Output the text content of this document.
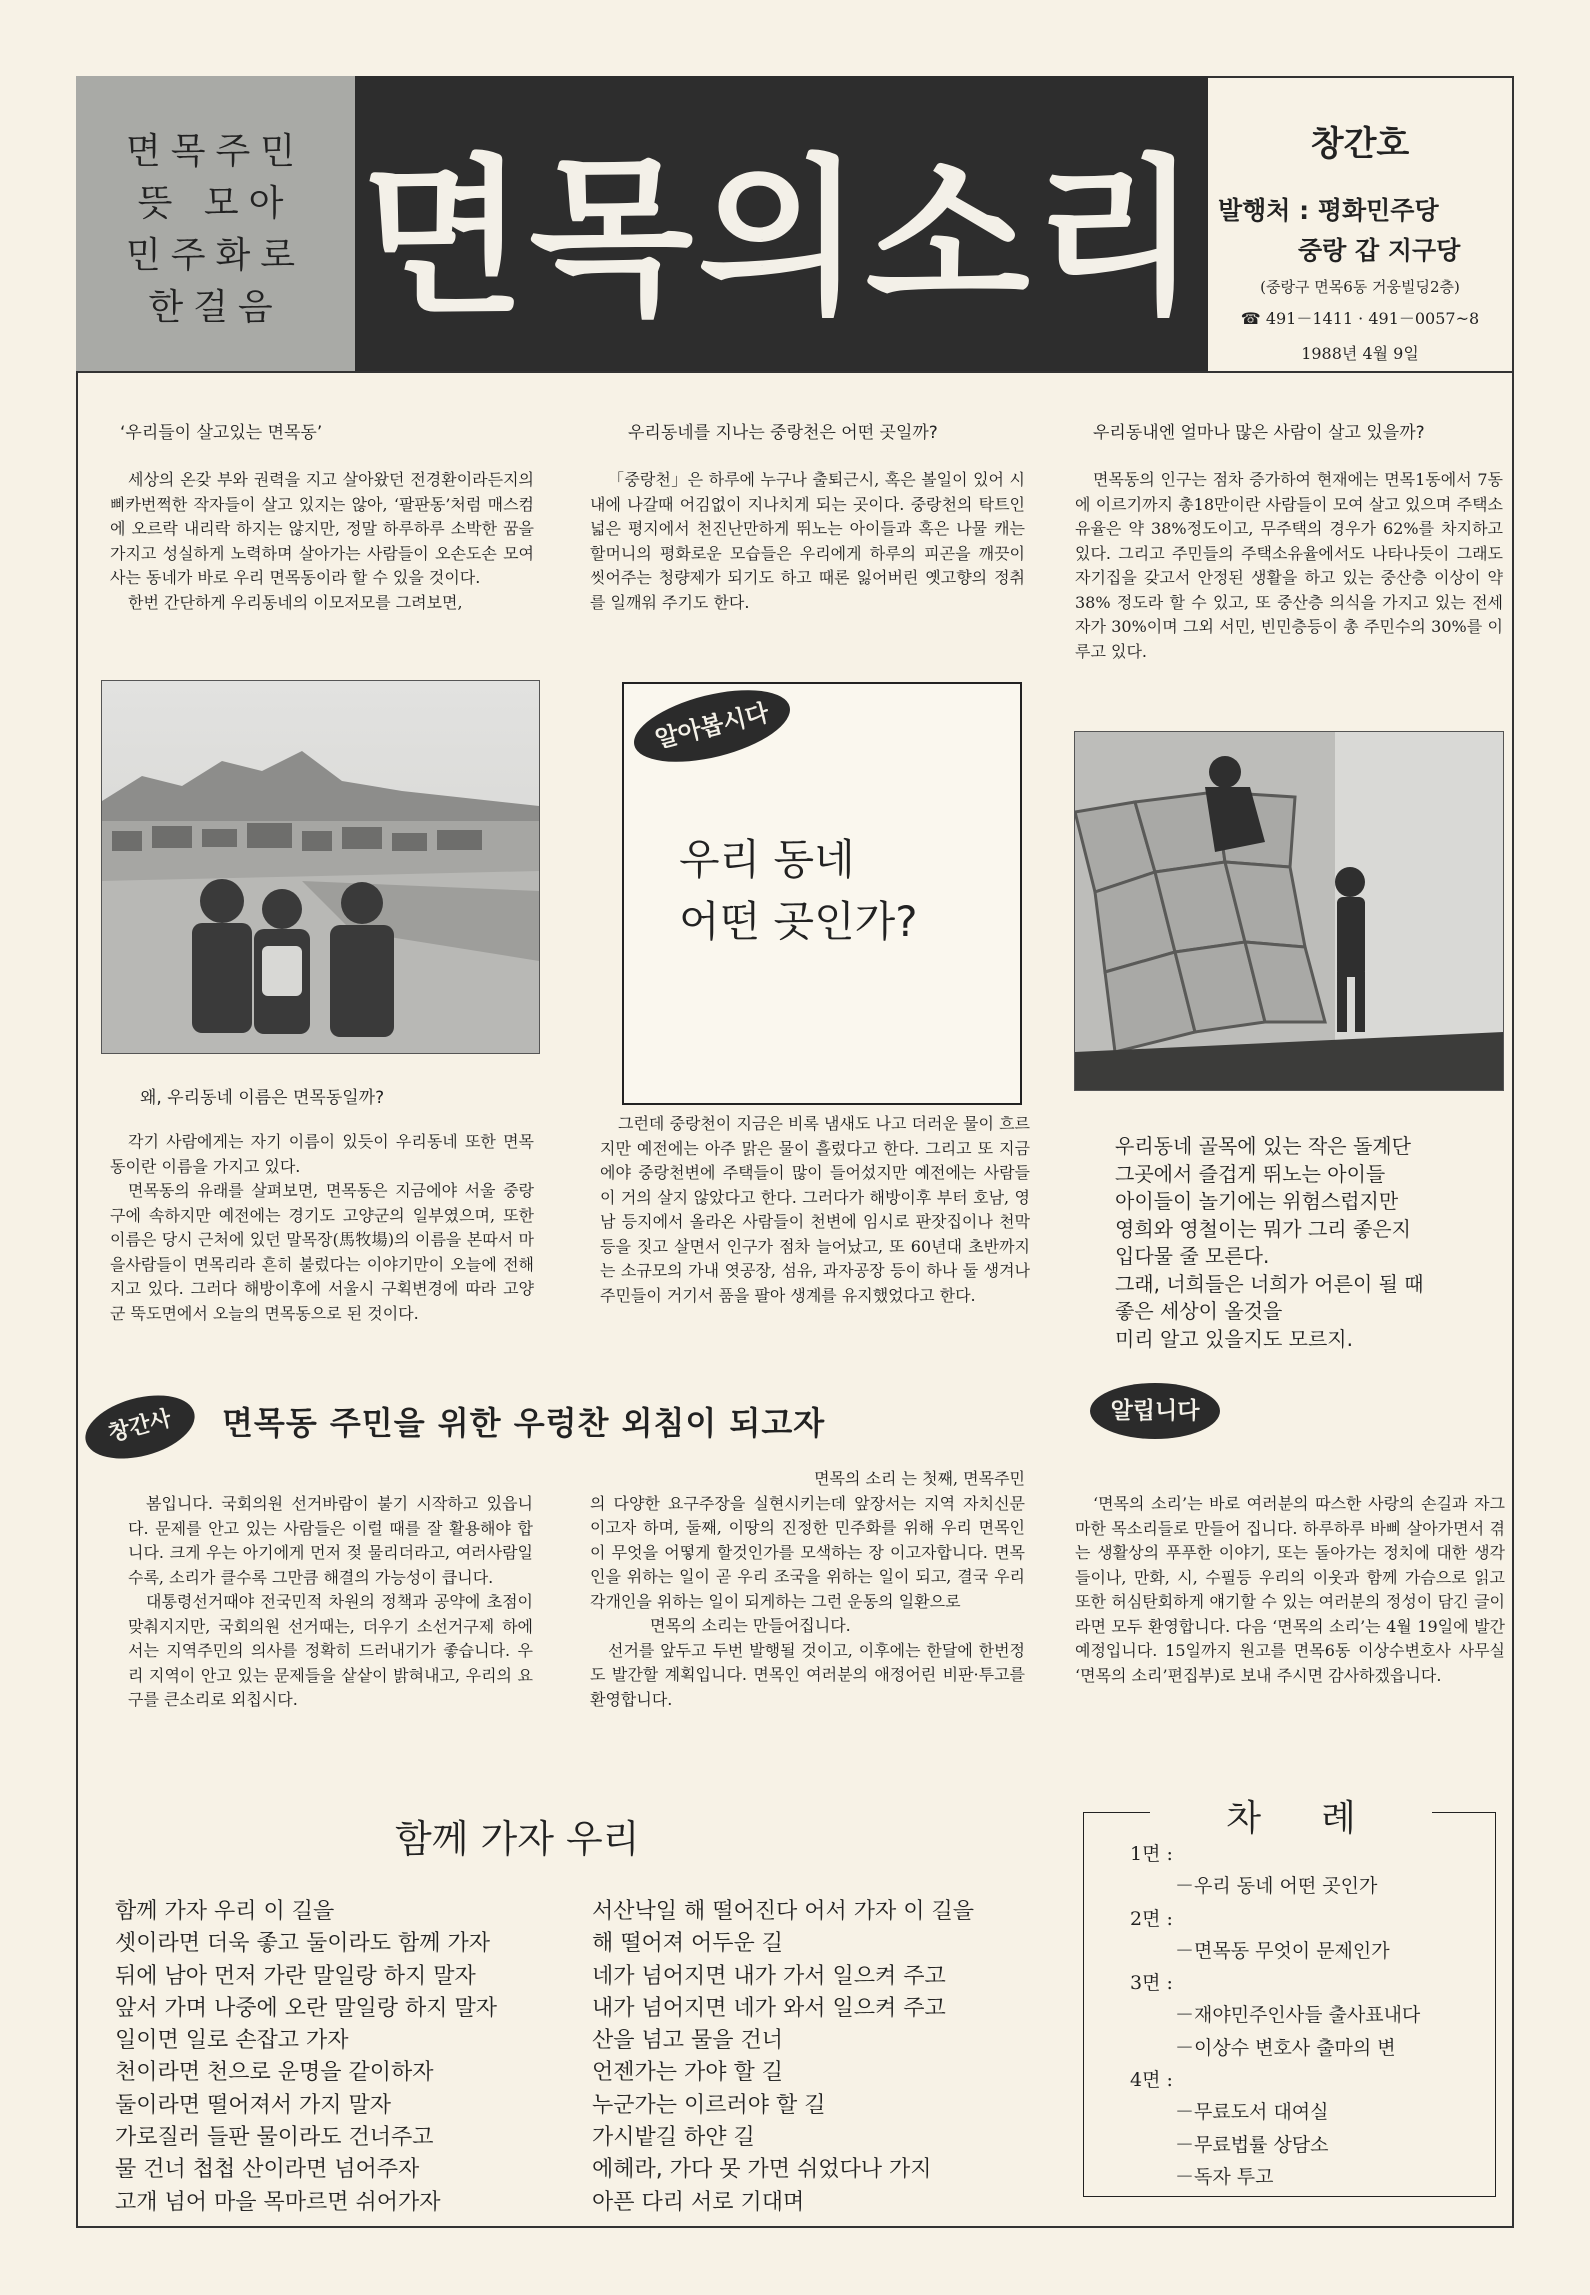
면목주민
뜻 모아
민주화로
한걸음 면목의소리	창간호
발행처 : 평화민주당
중랑 갑 지구당
(중랑구 면목6동 거웅빌딩2층)
☎ 491－1411 · 491－0057~8
1988년 4월 9일
‘우리들이 살고있는 면목동’

세상의 온갖 부와 권력을 지고 살아왔던 전경환이라든지의 삐카번쩍한 작자들이 살고 있지는 않아, ‘팔판동’처럼 매스컴에 오르락 내리락 하지는 않지만, 정말 하루하루 소박한 꿈을 가지고 성실하게 노력하며 살아가는 사람들이 오손도손 모여사는 동네가 바로 우리 면목동이라 할 수 있을 것이다.

한번 간단하게 우리동네의 이모저모를 그려보면,

왜, 우리동네 이름은 면목동일까?

각기 사람에게는 자기 이름이 있듯이 우리동네 또한 면목동이란 이름을 가지고 있다.

면목동의 유래를 살펴보면, 면목동은 지금에야 서울 중랑구에 속하지만 예전에는 경기도 고양군의 일부였으며, 또한 이름은 당시 근처에 있던 말목장(馬牧場)의 이름을 본따서 마을사람들이 면목리라 흔히 불렀다는 이야기만이 오늘에 전해지고 있다. 그러다 해방이후에 서울시 구획변경에 따라 고양군 뚝도면에서 오늘의 면목동으로 된 것이다.

우리동네를 지나는 중랑천은 어떤 곳일까?

「중랑천」은 하루에 누구나 출퇴근시, 혹은 볼일이 있어 시내에 나갈때 어김없이 지나치게 되는 곳이다. 중랑천의 탁트인 넓은 평지에서 천진난만하게 뛰노는 아이들과 혹은 나물 캐는 할머니의 평화로운 모습들은 우리에게 하루의 피곤을 깨끗이 씻어주는 청량제가 되기도 하고 때론 잃어버린 옛고향의 정취를 일깨워 주기도 한다.

우리 동네
어떤 곳인가?
알아봅시다

그런데 중랑천이 지금은 비록 냄새도 나고 더러운 물이 흐르지만 예전에는 아주 맑은 물이 흘렀다고 한다. 그리고 또 지금에야 중랑천변에 주택들이 많이 들어섰지만 예전에는 사람들이 거의 살지 않았다고 한다. 그러다가 해방이후 부터 호남, 영남 등지에서 올라온 사람들이 천변에 임시로 판잣집이나 천막등을 짓고 살면서 인구가 점차 늘어났고, 또 60년대 초반까지는 소규모의 가내 엿공장, 섬유, 과자공장 등이 하나 둘 생겨나 주민들이 거기서 품을 팔아 생계를 유지했었다고 한다.

우리동내엔 얼마나 많은 사람이 살고 있을까?

면목동의 인구는 점차 증가하여 현재에는 면목1동에서 7동에 이르기까지 총18만이란 사람들이 모여 살고 있으며 주택소유율은 약 38%정도이고, 무주택의 경우가 62%를 차지하고 있다. 그리고 주민들의 주택소유율에서도 나타나듯이 그래도 자기집을 갖고서 안정된 생활을 하고 있는 중산층 이상이 약 38% 정도라 할 수 있고, 또 중산층 의식을 가지고 있는 전세자가 30%이며 그외 서민, 빈민층등이 총 주민수의 30%를 이루고 있다.

우리동네 골목에 있는 작은 돌계단
그곳에서 즐겁게 뛰노는 아이들
아이들이 놀기에는 위험스럽지만
영희와 영철이는 뭐가 그리 좋은지
입다물 줄 모른다.
그래, 너희들은 너희가 어른이 될 때
좋은 세상이 올것을
미리 알고 있을지도 모르지.
창간사	면목동 주민을 위한 우렁찬 외침이 되고자

봄입니다. 국회의원 선거바람이 불기 시작하고 있읍니다. 문제를 안고 있는 사람들은 이럴 때를 잘 활용해야 합니다. 크게 우는 아기에게 먼저 젖 물리더라고, 여러사람일수록, 소리가 클수록 그만큼 해결의 가능성이 큽니다.

대통령선거때야 전국민적 차원의 정책과 공약에 초점이 맞춰지지만, 국회의원 선거때는, 더우기 소선거구제 하에서는 지역주민의 의사를 정확히 드러내기가 좋습니다. 우리 지역이 안고 있는 문제들을 샅샅이 밝혀내고, 우리의 요구를 큰소리로 외칩시다.

면목의 소리 는 첫째, 면목주민

의 다양한 요구주장을 실현시키는데 앞장서는 지역 자치신문 이고자 하며, 둘째, 이땅의 진정한 민주화를 위해 우리 면목인이 무엇을 어떻게 할것인가를 모색하는 장 이고자합니다. 면목인을 위하는 일이 곧 우리 조국을 위하는 일이 되고, 결국 우리 각개인을 위하는 일이 되게하는 그런 운동의 일환으로

면목의 소리는 만들어집니다.

선거를 앞두고 두번 발행될 것이고, 이후에는 한달에 한번정도 발간할 계획입니다. 면목인 여러분의 애정어린 비판·투고를 환영합니다.

알립니다

‘면목의 소리’는 바로 여러분의 따스한 사랑의 손길과 자그마한 목소리들로 만들어 집니다. 하루하루 바삐 살아가면서 겪는 생활상의 푸푸한 이야기, 또는 돌아가는 정치에 대한 생각들이나, 만화, 시, 수필등 우리의 이웃과 함께 가슴으로 읽고 또한 허심탄회하게 얘기할 수 있는 여러분의 정성이 담긴 글이라면 모두 환영합니다. 다음 ‘면목의 소리’는 4월 19일에 발간예정입니다. 15일까지 원고를 면목6동 이상수변호사 사무실 ‘면목의 소리’편집부)로 보내 주시면 감사하겠읍니다.

함께 가자 우리
함께 가자 우리 이 길을
셋이라면 더욱 좋고 둘이라도 함께 가자
뒤에 남아 먼저 가란 말일랑 하지 말자
앞서 가며 나중에 오란 말일랑 하지 말자
일이면 일로 손잡고 가자
천이라면 천으로 운명을 같이하자
둘이라면 떨어져서 가지 말자
가로질러 들판 물이라도 건너주고
물 건너 첩첩 산이라면 넘어주자
고개 넘어 마을 목마르면 쉬어가자
서산낙일 해 떨어진다 어서 가자 이 길을
해 떨어져 어두운 길
네가 넘어지면 내가 가서 일으켜 주고
내가 넘어지면 네가 와서 일으켜 주고
산을 넘고 물을 건너
언젠가는 가야 할 길
누군가는 이르러야 할 길
가시밭길 하얀 길
에헤라, 가다 못 가면 쉬었다나 가지
아픈 다리 서로 기대며
차례
1면 :
－우리 동네 어떤 곳인가
2면 :
－면목동 무엇이 문제인가
3면 :
－재야민주인사들 출사표내다
－이상수 변호사 출마의 변
4면 :
－무료도서 대여실
－무료법률 상담소
－독자 투고
